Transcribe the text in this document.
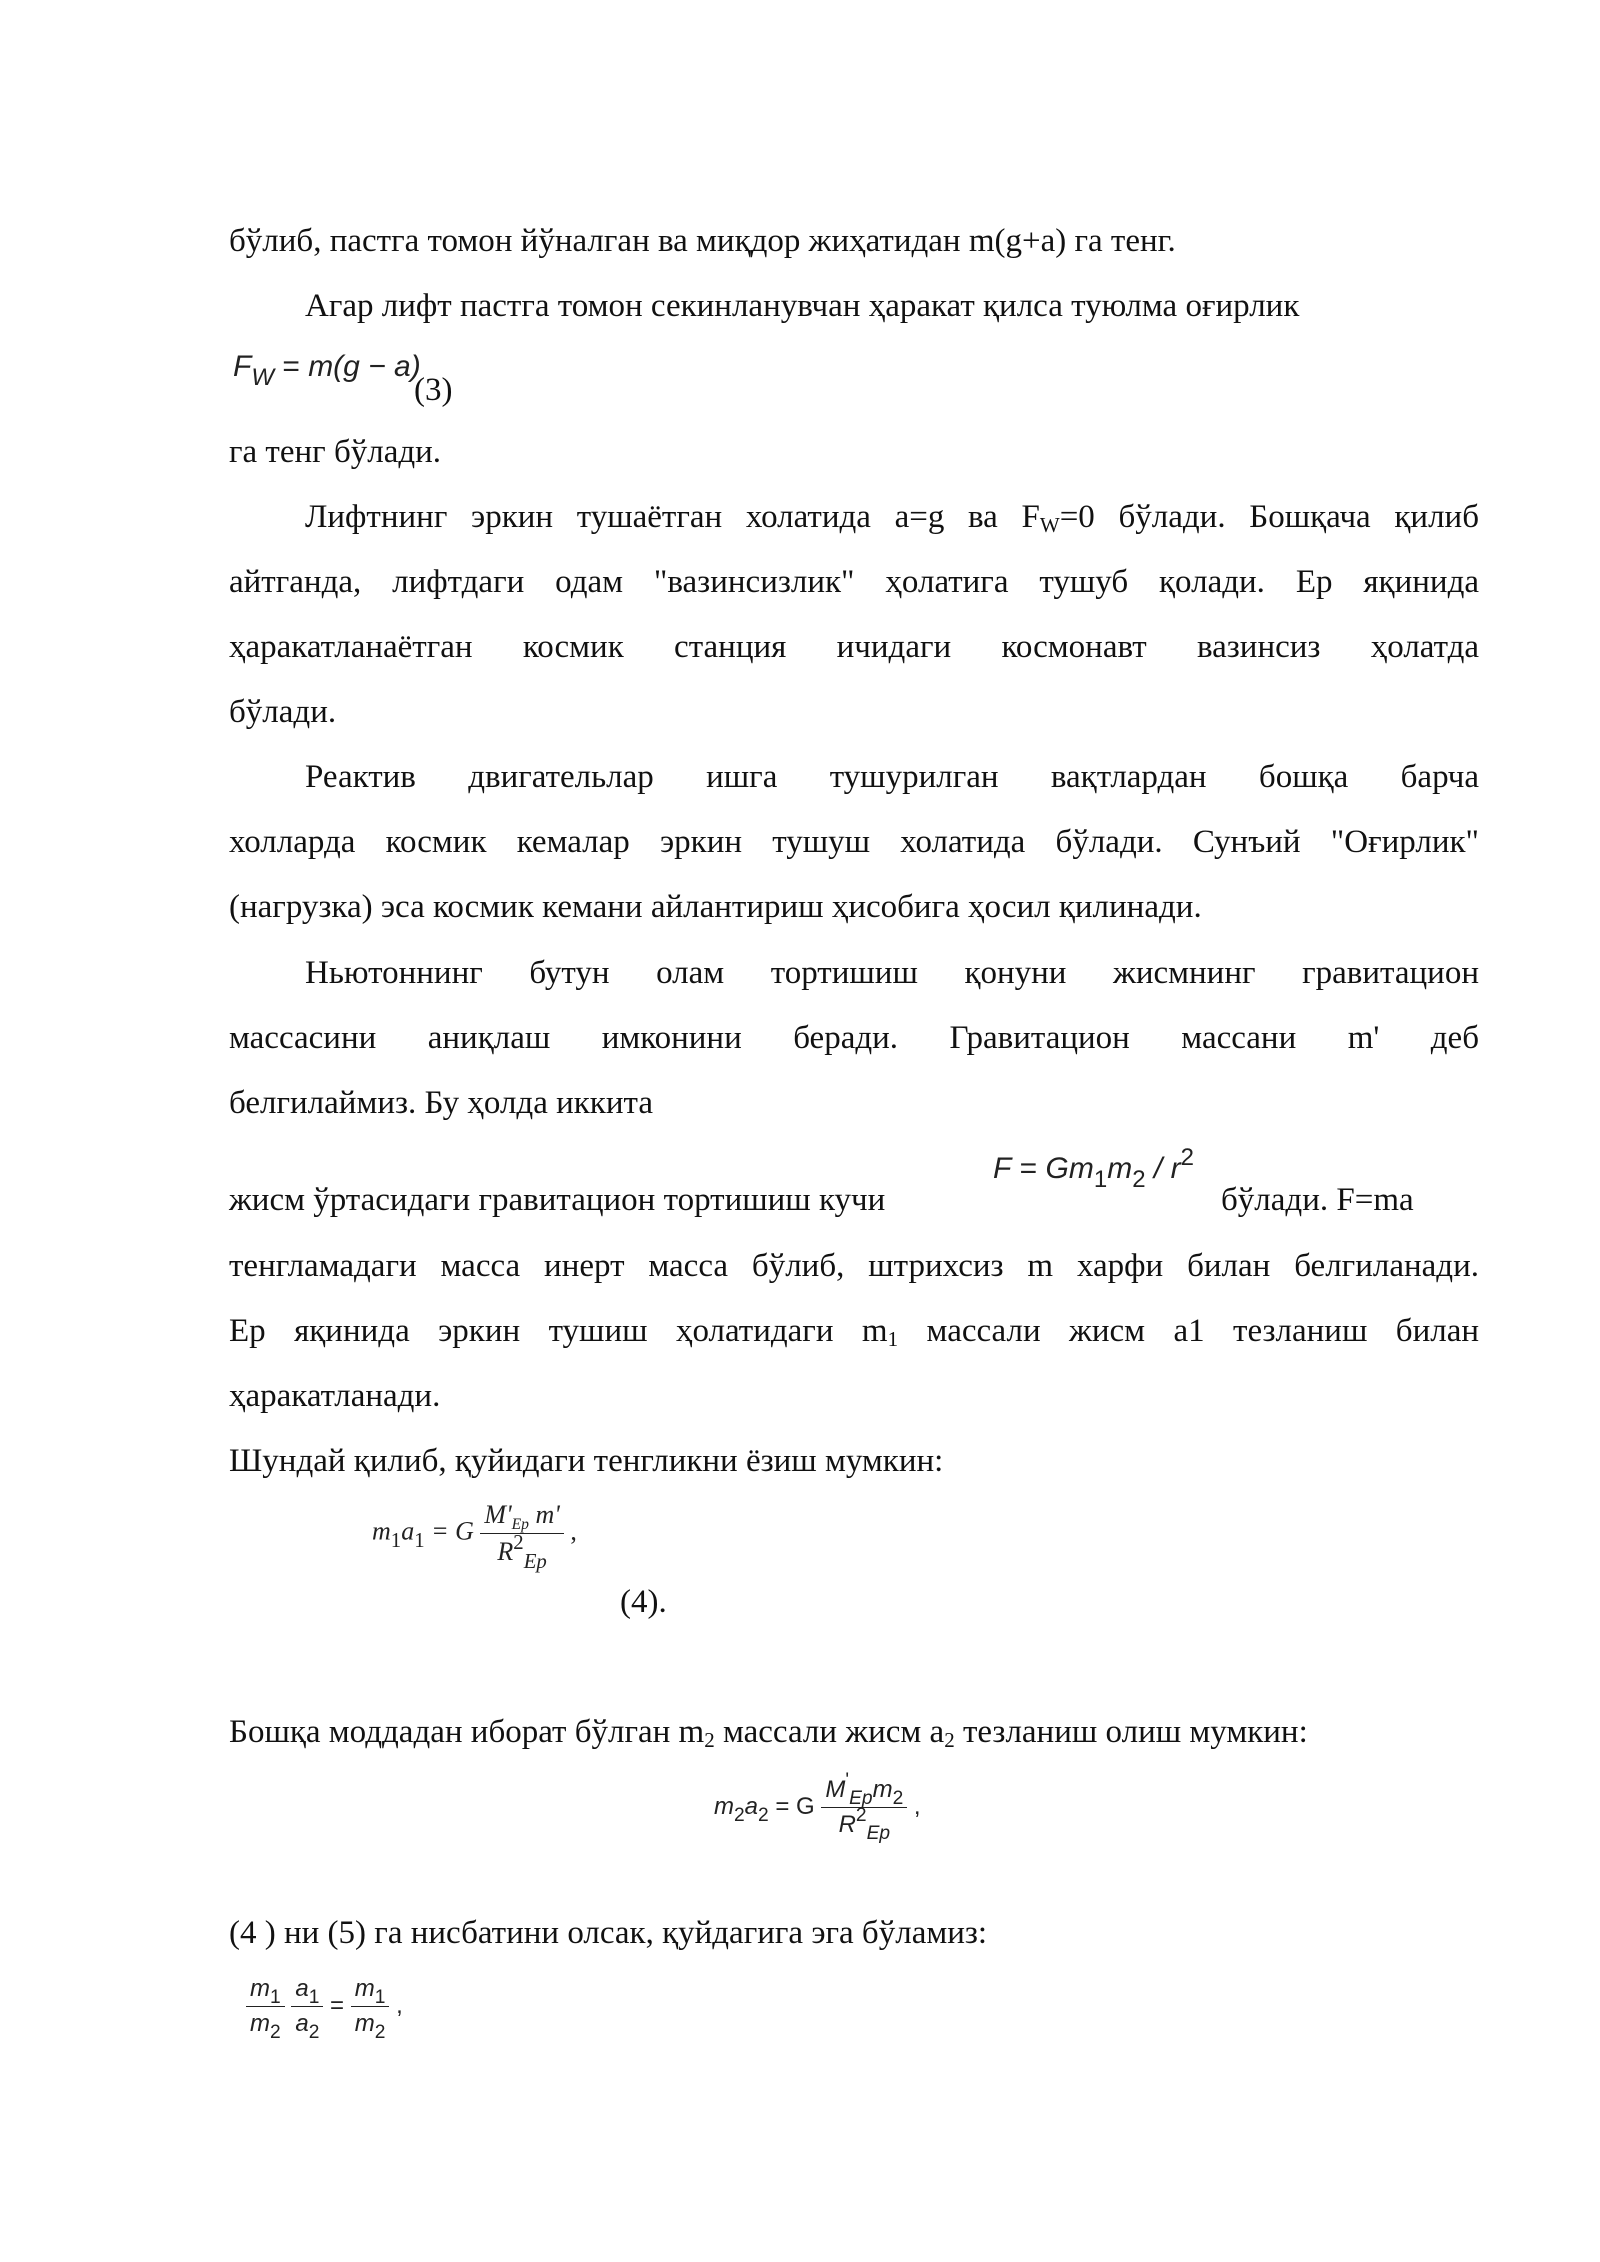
бўлиб, пастга томон йўналган ва миқдор жиҳатидан m(g+a) га тенг.
Агар лифт пастга томон секинланувчан ҳаракат қилса туюлма оғирлик
$F_W = m(g - a)$
(3)
га тенг бўлади.
Лифтнинг эркин тушаётган холатида a=g ва $F_W=0$ бўлади. Бошқача қилиб
айтганда, лифтдаги одам "вазинсизлик" ҳолатига тушуб қолади. Ер яқинида
ҳаракатланаётган космик станция ичидаги космонавт вазинсиз ҳолатда
бўлади.
Реактив двигательлар ишга тушурилган вақтлардан бошқа барча
холларда космик кемалар эркин тушуш холатида бўлади. Сунъий "Оғирлик"
(нагрузка) эса космик кемани айлантириш ҳисобига ҳосил қилинади.
Ньютоннинг бутун олам тортишиш қонуни жисмнинг гравитацион
массасини аниқлаш имконини беради. Гравитацион массани m' деб
белгилаймиз. Бу ҳолда иккита
жисм ўртасидаги гравитацион тортишиш кучи
$F = Gm_1m_2 / r^2$
бўлади. F=ma
тенгламадаги масса инерт масса бўлиб, штрихсиз m харфи билан белгиланади.
Ер яқинида эркин тушиш ҳолатидаги $m_1$ массали жисм а1 тезланиш билан
ҳаракатланади.
Шундай қилиб, қуйидаги тенгликни ёзиш мумкин:
$m_1a_1 = G \frac{M'_{Ep} m'}{R^2_{Ep}}$ ,
(4).
Бошқа моддадан иборат бўлган $m_2$ массали жисм $a_2$ тезланиш олиш мумкин:
$m_2a_2 = G \frac{M'_{Ep}m_2}{R^2_{Ep}}$ ,
(4 ) ни (5) га нисбатини олсак, қуйдагига эга бўламиз:
$\frac{m_1}{m_2}$
$\frac{a_1}{a_2} = \frac{m_1}{m_2}$ ,
